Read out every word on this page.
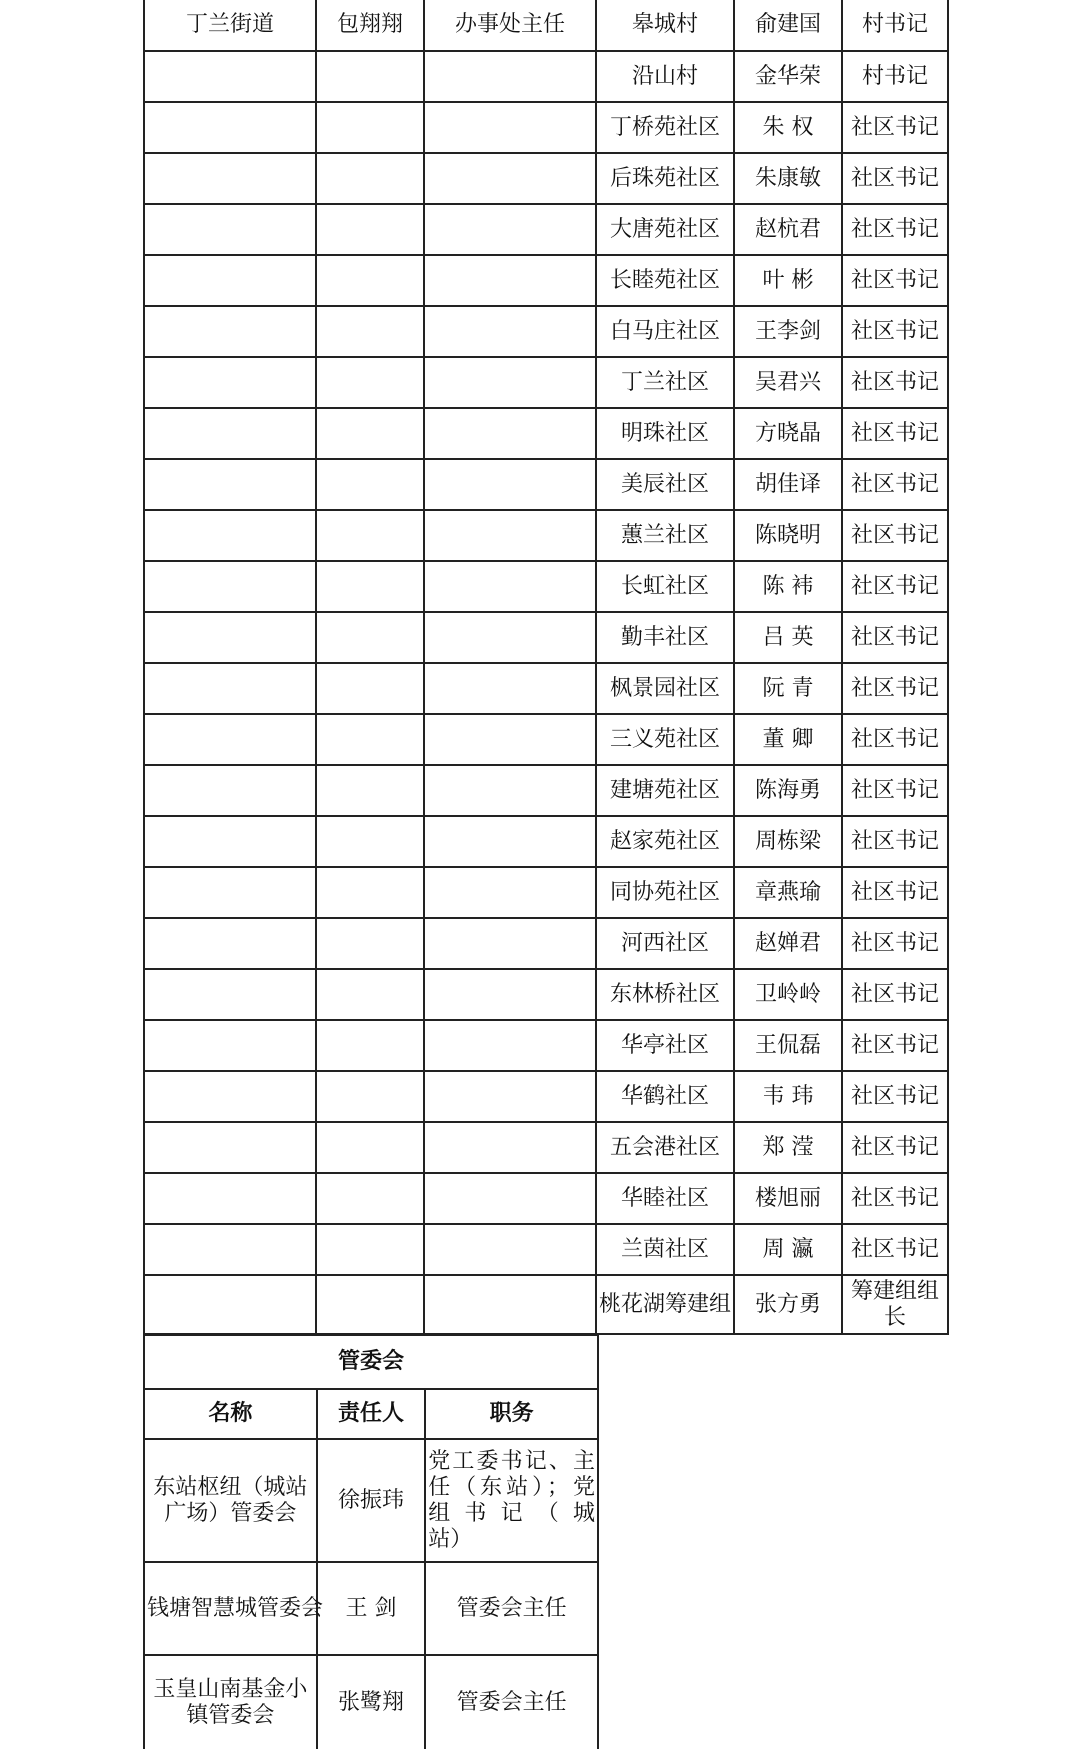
丁兰街道	包翔翔	办事处主任	皋城村	俞建国	村书记
			沿山村	金华荣	村书记
			丁桥苑社区	朱 权	社区书记
			后珠苑社区	朱康敏	社区书记
			大唐苑社区	赵杭君	社区书记
			长睦苑社区	叶 彬	社区书记
			白马庄社区	王李剑	社区书记
			丁兰社区	吴君兴	社区书记
			明珠社区	方晓晶	社区书记
			美辰社区	胡佳译	社区书记
			蕙兰社区	陈晓明	社区书记
			长虹社区	陈 袆	社区书记
			勤丰社区	吕 英	社区书记
			枫景园社区	阮 青	社区书记
			三义苑社区	董 卿	社区书记
			建塘苑社区	陈海勇	社区书记
			赵家苑社区	周栋梁	社区书记
			同协苑社区	章燕瑜	社区书记
			河西社区	赵婵君	社区书记
			东林桥社区	卫岭岭	社区书记
			华亭社区	王侃磊	社区书记
			华鹤社区	韦 玮	社区书记
			五会港社区	郑 滢	社区书记
			华睦社区	楼旭丽	社区书记
			兰茵社区	周 瀛	社区书记
			桃花湖筹建组	张方勇	筹建组组长
管委会		
名称	责任人	职务
东站枢纽（城站广场）管委会	徐振玮	党工委书记、主任（东站）；党 组 书 记 （ 城站）
钱塘智慧城管委会	王 剑	管委会主任
玉皇山南基金小镇管委会	张鹭翔	管委会主任
